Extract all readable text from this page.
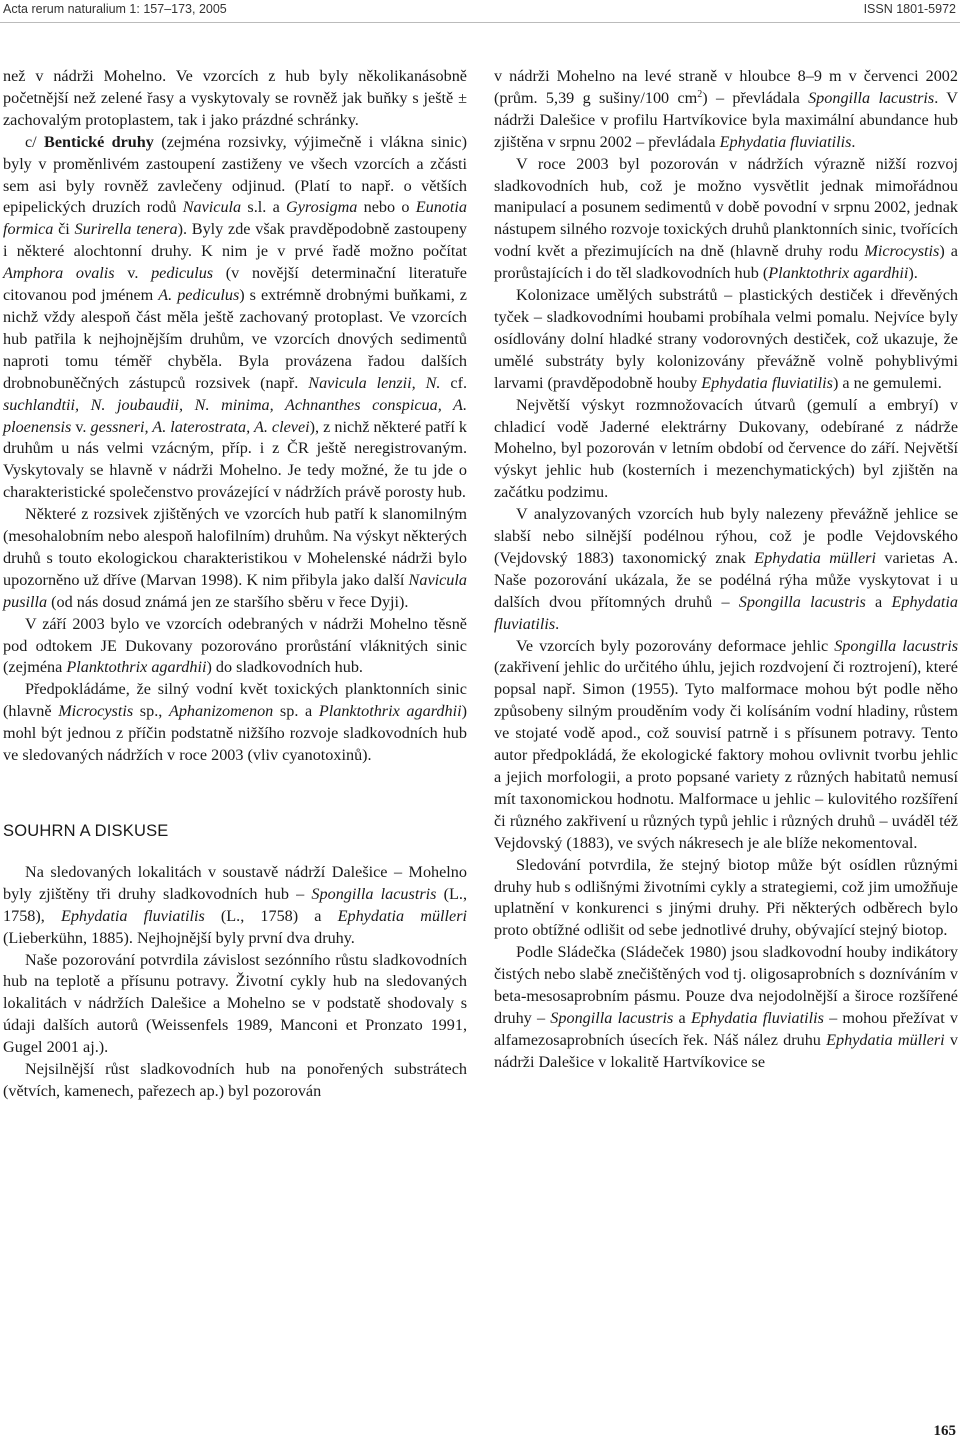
Acta rerum naturalium 1: 157–173, 2005	ISSN 1801-5972

než v nádrži Mohelno. Ve vzorcích z hub byly několikanásobně početnější než zelené řasy a vyskytovaly se rovněž jak buňky s ještě ± zachovalým protoplastem, tak i jako prázdné schránky.

c/ Bentické druhy (zejména rozsivky, výjimečně i vlákna sinic) byly v proměnlivém zastoupení zastiženy ve všech vzorcích a zčásti sem asi byly rovněž zavlečeny odjinud. (Platí to např. o větších epipelických druzích rodů Navicula s.l. a Gyrosigma nebo o Eunotia formica či Surirella tenera). Byly zde však pravděpodobně zastoupeny i některé alochtonní druhy. K nim je v prvé řadě možno počítat Amphora ovalis v. pediculus (v novější determinační literatuře citovanou pod jménem A. pediculus) s extrémně drobnými buňkami, z nichž vždy alespoň část měla ještě zachovaný protoplast. Ve vzorcích hub patřila k nejhojnějším druhům, ve vzorcích dnových sedimentů naproti tomu téměř chyběla. Byla provázena řadou dalších drobnobuněčných zástupců rozsivek (např. Navicula lenzii, N. cf. suchlandtii, N. joubaudii, N. minima, Achnanthes conspicua, A. ploenensis v. gessneri, A. laterostrata, A. clevei), z nichž některé patří k druhům u nás velmi vzácným, příp. i z ČR ještě neregistrovaným. Vyskytovaly se hlavně v nádrži Mohelno. Je tedy možné, že tu jde o charakteristické společenstvo provázející v nádržích právě porosty hub.

Některé z rozsivek zjištěných ve vzorcích hub patří k slanomilným (mesohalobním nebo alespoň halofilním) druhům. Na výskyt některých druhů s touto ekologickou charakteristikou v Mohelenské nádrži bylo upozorněno už dříve (Marvan 1998). K nim přibyla jako další Navicula pusilla (od nás dosud známá jen ze staršího sběru v řece Dyji).

V září 2003 bylo ve vzorcích odebraných v nádrži Mohelno těsně pod odtokem JE Dukovany pozorováno prorůstání vláknitých sinic (zejména Planktothrix agardhii) do sladkovodních hub.

Předpokládáme, že silný vodní květ toxických planktonních sinic (hlavně Microcystis sp., Aphanizomenon sp. a Planktothrix agardhii) mohl být jednou z příčin podstatně nižšího rozvoje sladkovodních hub ve sledovaných nádržích v roce 2003 (vliv cyanotoxinů).

SOUHRN A DISKUSE

Na sledovaných lokalitách v soustavě nádrží Dalešice – Mohelno byly zjištěny tři druhy sladkovodních hub – Spongilla lacustris (L., 1758), Ephydatia fluviatilis (L., 1758) a Ephydatia mülleri (Lieberkühn, 1885). Nejhojnější byly první dva druhy.

Naše pozorování potvrdila závislost sezónního růstu sladkovodních hub na teplotě a přísunu potravy. Životní cykly hub na sledovaných lokalitách v nádržích Dalešice a Mohelno se v podstatě shodovaly s údaji dalších autorů (Weissenfels 1989, Manconi et Pronzato 1991, Gugel 2001 aj.).

Nejsilnější růst sladkovodních hub na ponořených substrátech (větvích, kamenech, pařezech ap.) byl pozorován

v nádrži Mohelno na levé straně v hloubce 8–9 m v červenci 2002 (prům. 5,39 g sušiny/100 $cm^2$) – převládala Spongilla lacustris. V nádrži Dalešice v profilu Hartvíkovice byla maximální abundance hub zjištěna v srpnu 2002 – převládala Ephydatia fluviatilis.

V roce 2003 byl pozorován v nádržích výrazně nižší rozvoj sladkovodních hub, což je možno vysvětlit jednak mimořádnou manipulací a posunem sedimentů v době povodní v srpnu 2002, jednak nástupem silného rozvoje toxických druhů planktonních sinic, tvořících vodní květ a přezimujících na dně (hlavně druhy rodu Microcystis) a prorůstajících i do těl sladkovodních hub (Planktothrix agardhii).

Kolonizace umělých substrátů – plastických destiček i dřevěných tyček – sladkovodními houbami probíhala velmi pomalu. Nejvíce byly osídlovány dolní hladké strany vodorovných destiček, což ukazuje, že umělé substráty byly kolonizovány převážně volně pohyblivými larvami (pravděpodobně houby Ephydatia fluviatilis) a ne gemulemi.

Největší výskyt rozmnožovacích útvarů (gemulí a embryí) v chladicí vodě Jaderné elektrárny Dukovany, odebírané z nádrže Mohelno, byl pozorován v letním období od července do září. Největší výskyt jehlic hub (kosterních i mezenchymatických) byl zjištěn na začátku podzimu.

V analyzovaných vzorcích hub byly nalezeny převážně jehlice se slabší nebo silnější podélnou rýhou, což je podle Vejdovského (Vejdovský 1883) taxonomický znak Ephydatia mülleri varietas A. Naše pozorování ukázala, že se podélná rýha může vyskytovat i u dalších dvou přítomných druhů – Spongilla lacustris a Ephydatia fluviatilis.

Ve vzorcích byly pozorovány deformace jehlic Spongilla lacustris (zakřivení jehlic do určitého úhlu, jejich rozdvojení či roztrojení), které popsal např. Simon (1955). Tyto malformace mohou být podle něho způsobeny silným prouděním vody či kolísáním vodní hladiny, růstem ve stojaté vodě apod., což souvisí patrně i s přísunem potravy. Tento autor předpokládá, že ekologické faktory mohou ovlivnit tvorbu jehlic a jejich morfologii, a proto popsané variety z různých habitatů nemusí mít taxonomickou hodnotu. Malformace u jehlic – kulovitého rozšíření či různého zakřivení u různých typů jehlic i různých druhů – uváděl též Vejdovský (1883), ve svých nákresech je ale blíže nekomentoval.

Sledování potvrdila, že stejný biotop může být osídlen různými druhy hub s odlišnými životními cykly a strategiemi, což jim umožňuje uplatnění v konkurenci s jinými druhy. Při některých odběrech bylo proto obtížné odlišit od sebe jednotlivé druhy, obývající stejný biotop.

Podle Sládečka (Sládeček 1980) jsou sladkovodní houby indikátory čistých nebo slabě znečištěných vod tj. oligosaprobních s dozníváním v beta-mesosaprobním pásmu. Pouze dva nejodolnější a široce rozšířené druhy – Spongilla lacustris a Ephydatia fluviatilis – mohou přežívat v alfamezosaprobních úsecích řek. Náš nález druhu Ephydatia mülleri v nádrži Dalešice v lokalitě Hartvíkovice se

165
